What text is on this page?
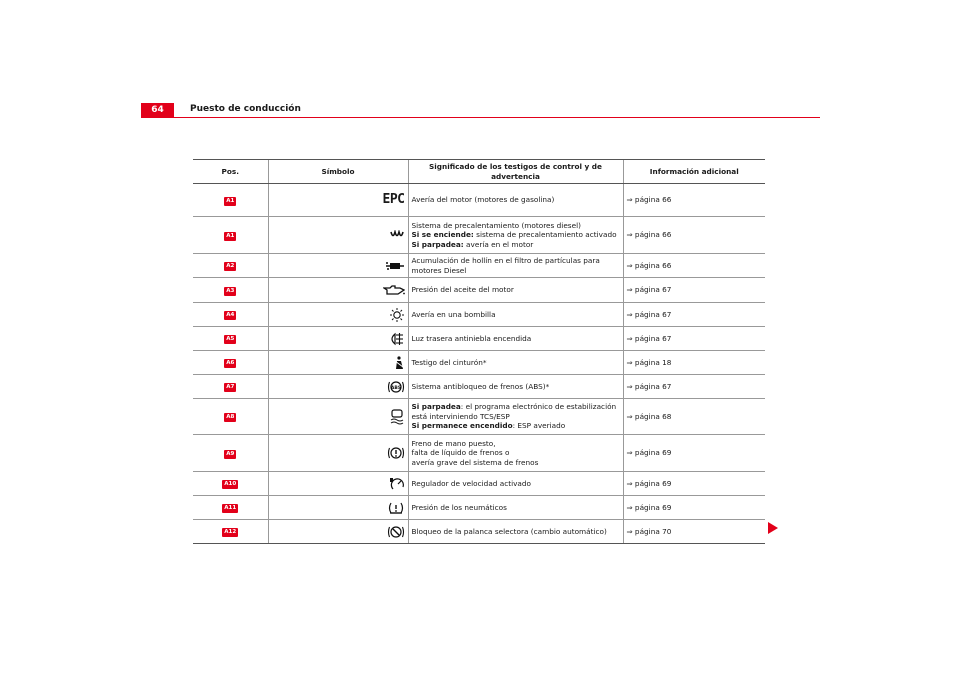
64	Puesto de conducción
Pos.	Símbolo	Significado de los testigos de control y de advertencia	Información adicional
A1	EPC	Avería del motor (motores de gasolina)	⇒ página 66
A1		Sistema de precalentamiento (motores diesel)
Si se enciende: sistema de precalentamiento activado
Si parpadea: avería en el motor	⇒ página 66
A2		Acumulación de hollín en el filtro de partículas para motores Diesel	⇒ página 66
A3		Presión del aceite del motor	⇒ página 67
A4		Avería en una bombilla	⇒ página 67
A5		Luz trasera antiniebla encendida	⇒ página 67
A6		Testigo del cinturón*	⇒ página 18
A7	ABS	Sistema antibloqueo de frenos (ABS)*	⇒ página 67
A8		Si parpadea: el programa electrónico de estabilización está interviniendo TCS/ESP
Si permanece encendido: ESP averiado	⇒ página 68
A9		Freno de mano puesto,
falta de líquido de frenos o
avería grave del sistema de frenos	⇒ página 69
A10		Regulador de velocidad activado	⇒ página 69
A11		Presión de los neumáticos	⇒ página 69
A12		Bloqueo de la palanca selectora (cambio automático)	⇒ página 70
